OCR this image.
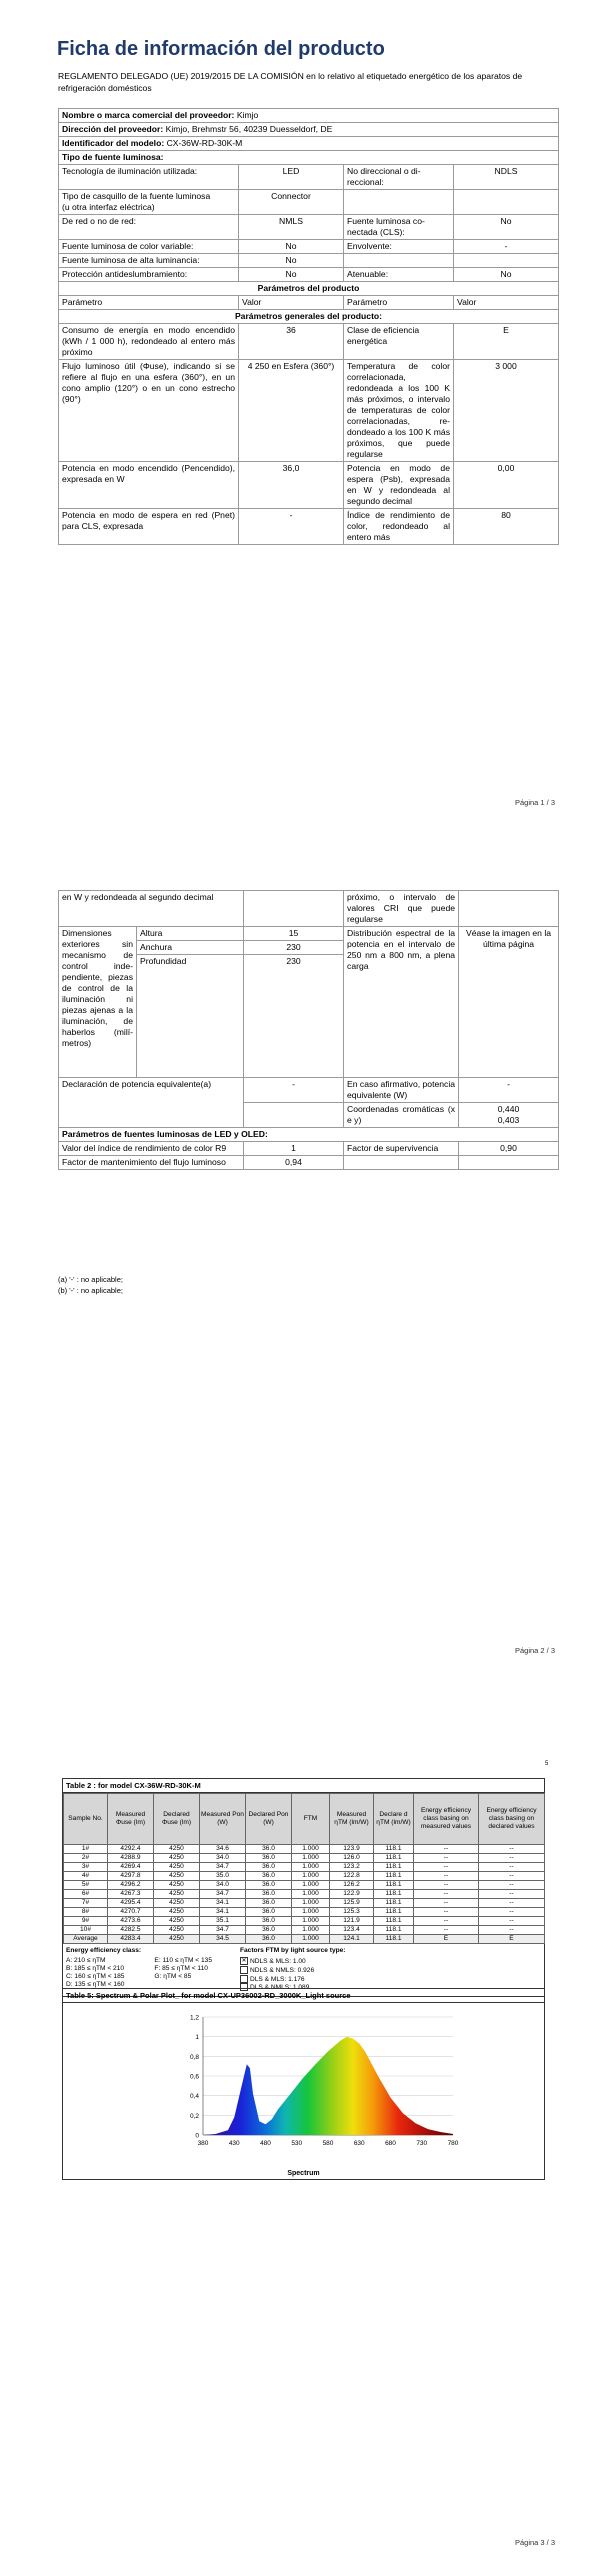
Ficha de información del producto
REGLAMENTO DELEGADO (UE) 2019/2015 DE LA COMISIÓN en lo relativo al etiquetado energético de los aparatos de refrigeración domésticos
Nombre o marca comercial del proveedor: Kimjo			
Dirección del proveedor: Kimjo, Brehmstr 56, 40239 Duesseldorf, DE			
Identificador del modelo: CX-36W-RD-30K-M			
Tipo de fuente luminosa:			
Tecnología de iluminación utilizada:	LED	No direccional o direccional:	NDLS

Tipo de casquillo de la fuente luminosa
(u otra interfaz eléctrica)	Connector		
De red o no de red:	NMLS	Fuente luminosa conectada (CLS):	No
Fuente luminosa de color variable:	No	Envolvente:	-
Fuente luminosa de alta luminancia:	No		
Protección antideslumbramiento:	No	Atenuable:	No
Parámetros del producto			
Parámetro	Valor	Parámetro	Valor
Parámetros generales del producto:			
Consumo de energía en modo encendido (kWh / 1 000 h), redondeado al entero más próximo	36	Clase de eficiencia energética	E
Flujo luminoso útil (Φuse), indicando si se refiere al flujo en una esfera (360°), en un cono amplio (120°) o en un cono estrecho (90°)	4 250 en Esfera (360°)	Temperatura de color correlacionada, redondeada a los 100 K más próximos, o intervalo de temperaturas de color correlacionadas, redondeado a los 100 K más próximos, que puede regularse	3 000
Potencia en modo encendido (Pencendido), expresada en W	36,0	Potencia en modo de espera (Psb), expresada en W y redondeada al segundo decimal	0,00
Potencia en modo de espera en red (Pnet) para CLS, expresada	-	Índice de rendimiento de color, redondeado al entero más	80
Página 1 / 3
en W y redondeada al segundo decimal			próximo, o intervalo de valores CRI que puede regularse	
Dimensiones exteriores sin mecanismo de control independiente, piezas de control de la iluminación ni piezas ajenas a la iluminación, de haberlos (milímetros)	Altura	15	Distribución espectral de la potencia en el intervalo de 250 nm a 800 nm, a plena carga	Véase la imagen en la última página
	Anchura	230		
	Profundidad	230		
Declaración de potencia equivalente(a)		-	En caso afirmativo, potencia equivalente (W)	-
			Coordenadas cromáticas (x e y)	0,440
0,403

Parámetros de fuentes luminosas de LED y OLED:				
Valor del índice de rendimiento de color R9		1	Factor de supervivencia	0,90
Factor de mantenimiento del flujo luminoso		0,94		
(a) '-' : no aplicable;
(b) '-' : no aplicable;
Página 2 / 3
5
Table 2 : for model CX-36W-RD-30K-M
Sample No.	Measured Φuse (lm)	Declared Φuse (lm)	Measured Pon (W)	Declared Pon (W)	FTM	Measured ηTM (lm/W)	Declare d ηTM (lm/W)	Energy efficiency class basing on measured values	Energy efficiency class basing on declared values
1#	4292.4	4250	34.6	36.0	1.000	123.9	118.1	--	--
2#	4288.9	4250	34.0	36.0	1.000	126.0	118.1	--	--
3#	4269.4	4250	34.7	36.0	1.000	123.2	118.1	--	--
4#	4297.8	4250	35.0	36.0	1.000	122.8	118.1	--	--
5#	4296.2	4250	34.0	36.0	1.000	126.2	118.1	--	--
6#	4267.3	4250	34.7	36.0	1.000	122.9	118.1	--	--
7#	4295.4	4250	34.1	36.0	1.000	125.9	118.1	--	--
8#	4270.7	4250	34.1	36.0	1.000	125.3	118.1	--	--
9#	4273.6	4250	35.1	36.0	1.000	121.9	118.1	--	--
10#	4282.5	4250	34.7	36.0	1.000	123.4	118.1	--	--
Average	4283.4	4250	34.5	36.0	1.000	124.1	118.1	E	E
Energy efficiency class:
A: 210 ≤ ηTM
B: 185 ≤ ηTM < 210
C: 160 ≤ ηTM < 185
D: 135 ≤ ηTM < 160
E: 110 ≤ ηTM < 135
F: 85 ≤ ηTM < 110
G: ηTM < 85
Factors FTM by light source type:
✕ NDLS & MLS: 1.00
NDLS & NMLS: 0.926
DLS & MLS: 1.176
DLS & NMLS: 1.089
Table 5: Spectrum & Polar Plot_ for model CX-UP36002-RD_3000K_Light source
0
0,2
0,4
0,6
0,8
1
1,2
380	430	480	530	580	630	680	730	780
Spectrum
Página 3 / 3
